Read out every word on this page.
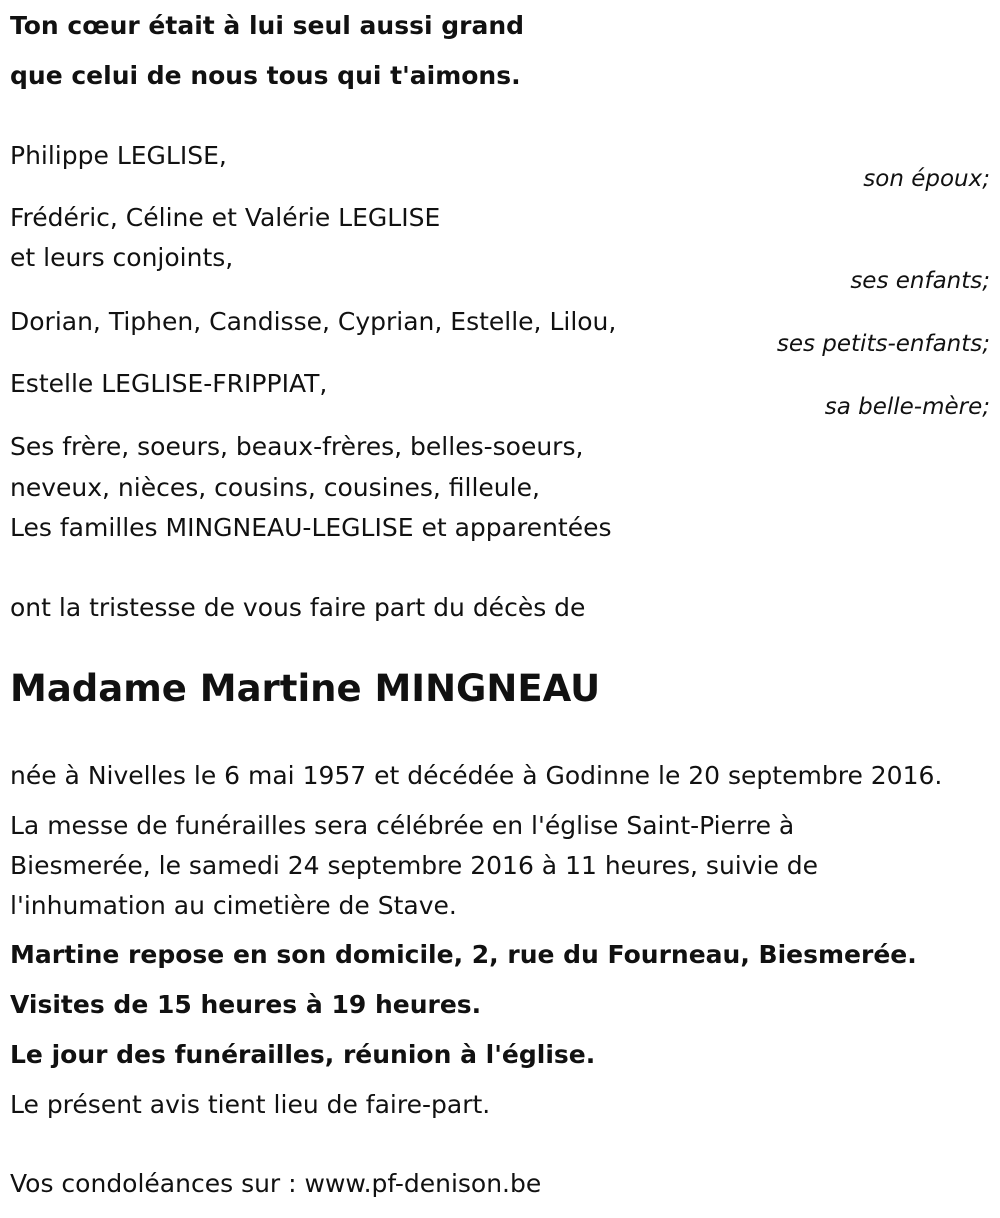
Ton cœur était à lui seul aussi grand
que celui de nous tous qui t'aimons.
Philippe LEGLISE,
son époux;
Frédéric, Céline et Valérie LEGLISE
et leurs conjoints,
ses enfants;
Dorian, Tiphen, Candisse, Cyprian, Estelle, Lilou,
ses petits-enfants;
Estelle LEGLISE-FRIPPIAT,
sa belle-mère;
Ses frère, soeurs, beaux-frères, belles-soeurs,
neveux, nièces, cousins, cousines, filleule,
Les familles MINGNEAU-LEGLISE et apparentées
ont la tristesse de vous faire part du décès de
Madame Martine MINGNEAU
née à Nivelles le 6 mai 1957 et décédée à Godinne le 20 septembre 2016.
La messe de funérailles sera célébrée en l'église Saint-Pierre à
Biesmerée, le samedi 24 septembre 2016 à 11 heures, suivie de
l'inhumation au cimetière de Stave.
Martine repose en son domicile, 2, rue du Fourneau, Biesmerée.
Visites de 15 heures à 19 heures.
Le jour des funérailles, réunion à l'église.
Le présent avis tient lieu de faire-part.
Vos condoléances sur : www.pf-denison.be
